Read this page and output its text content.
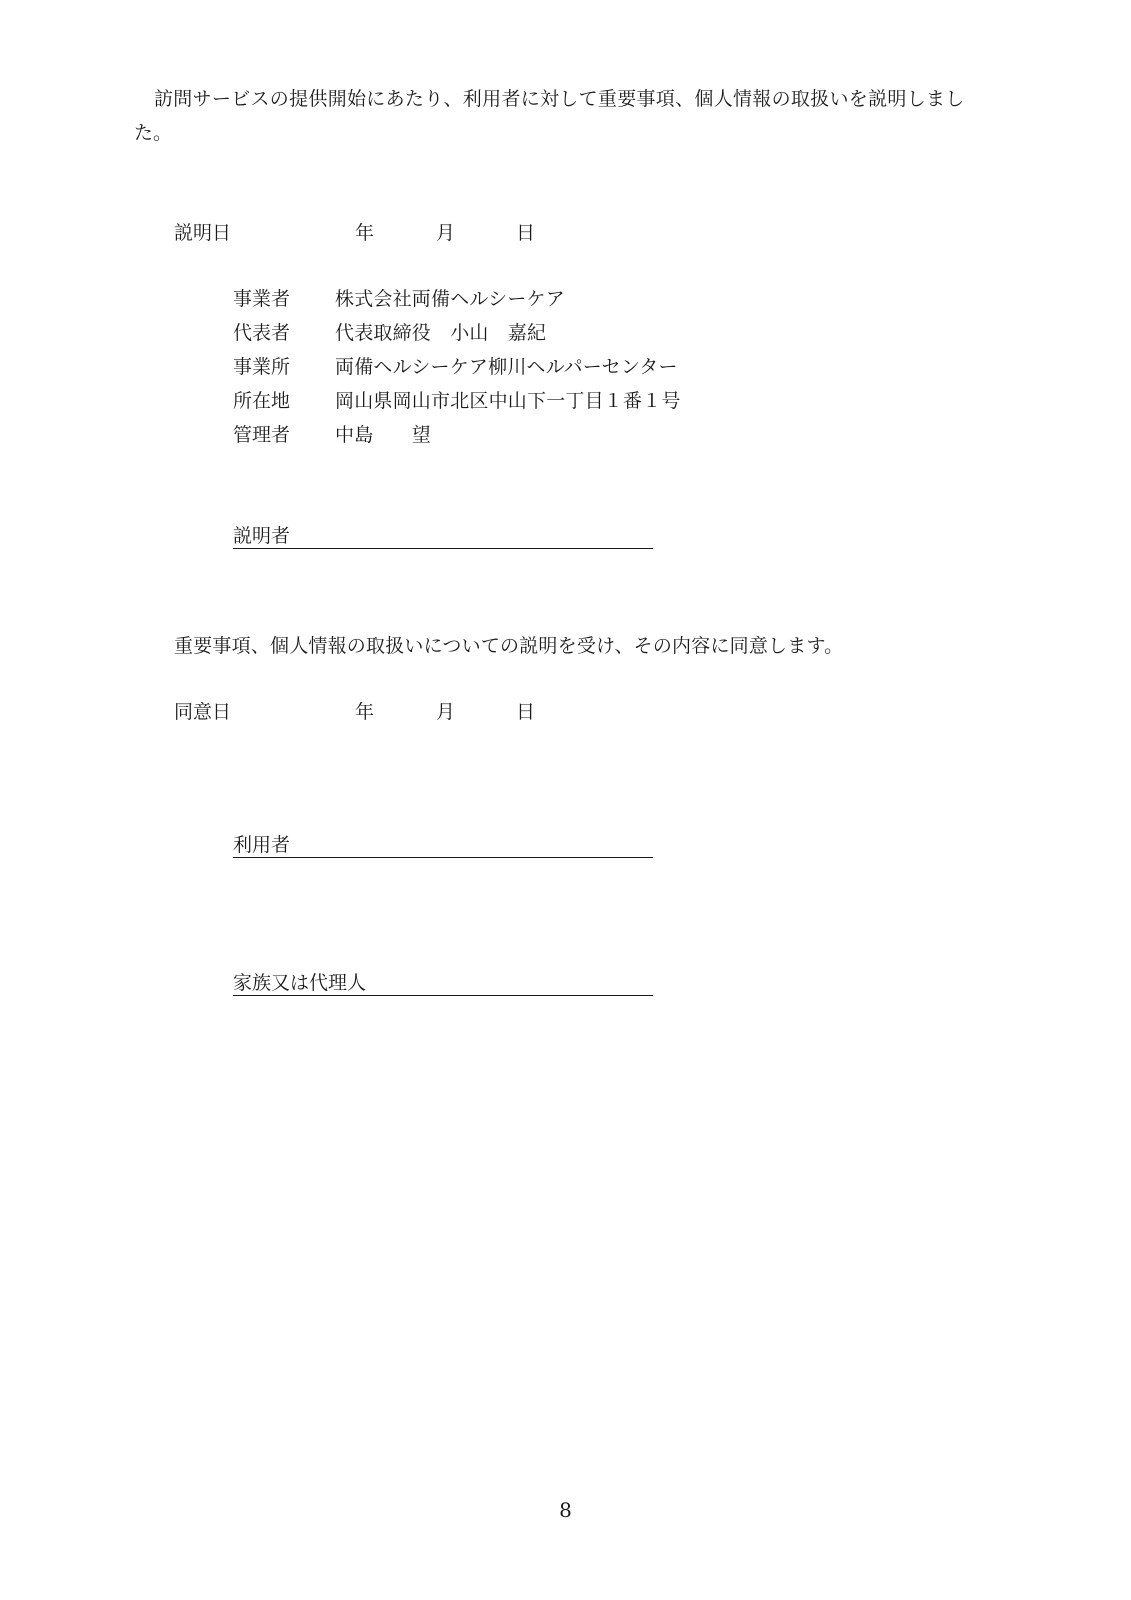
訪問サービスの提供開始にあたり、利用者に対して重要事項、個人情報の取扱いを説明しまし
た。
説明日	年	月	日
事業者 株式会社両備ヘルシーケア
代表者 代表取締役　小山　嘉紀
事業所 両備ヘルシーケア柳川ヘルパーセンター
所在地 岡山県岡山市北区中山下一丁目１番１号
管理者 中島　　望
説明者
重要事項、個人情報の取扱いについての説明を受け、その内容に同意します。
同意日	年	月	日
利用者
家族又は代理人
8
